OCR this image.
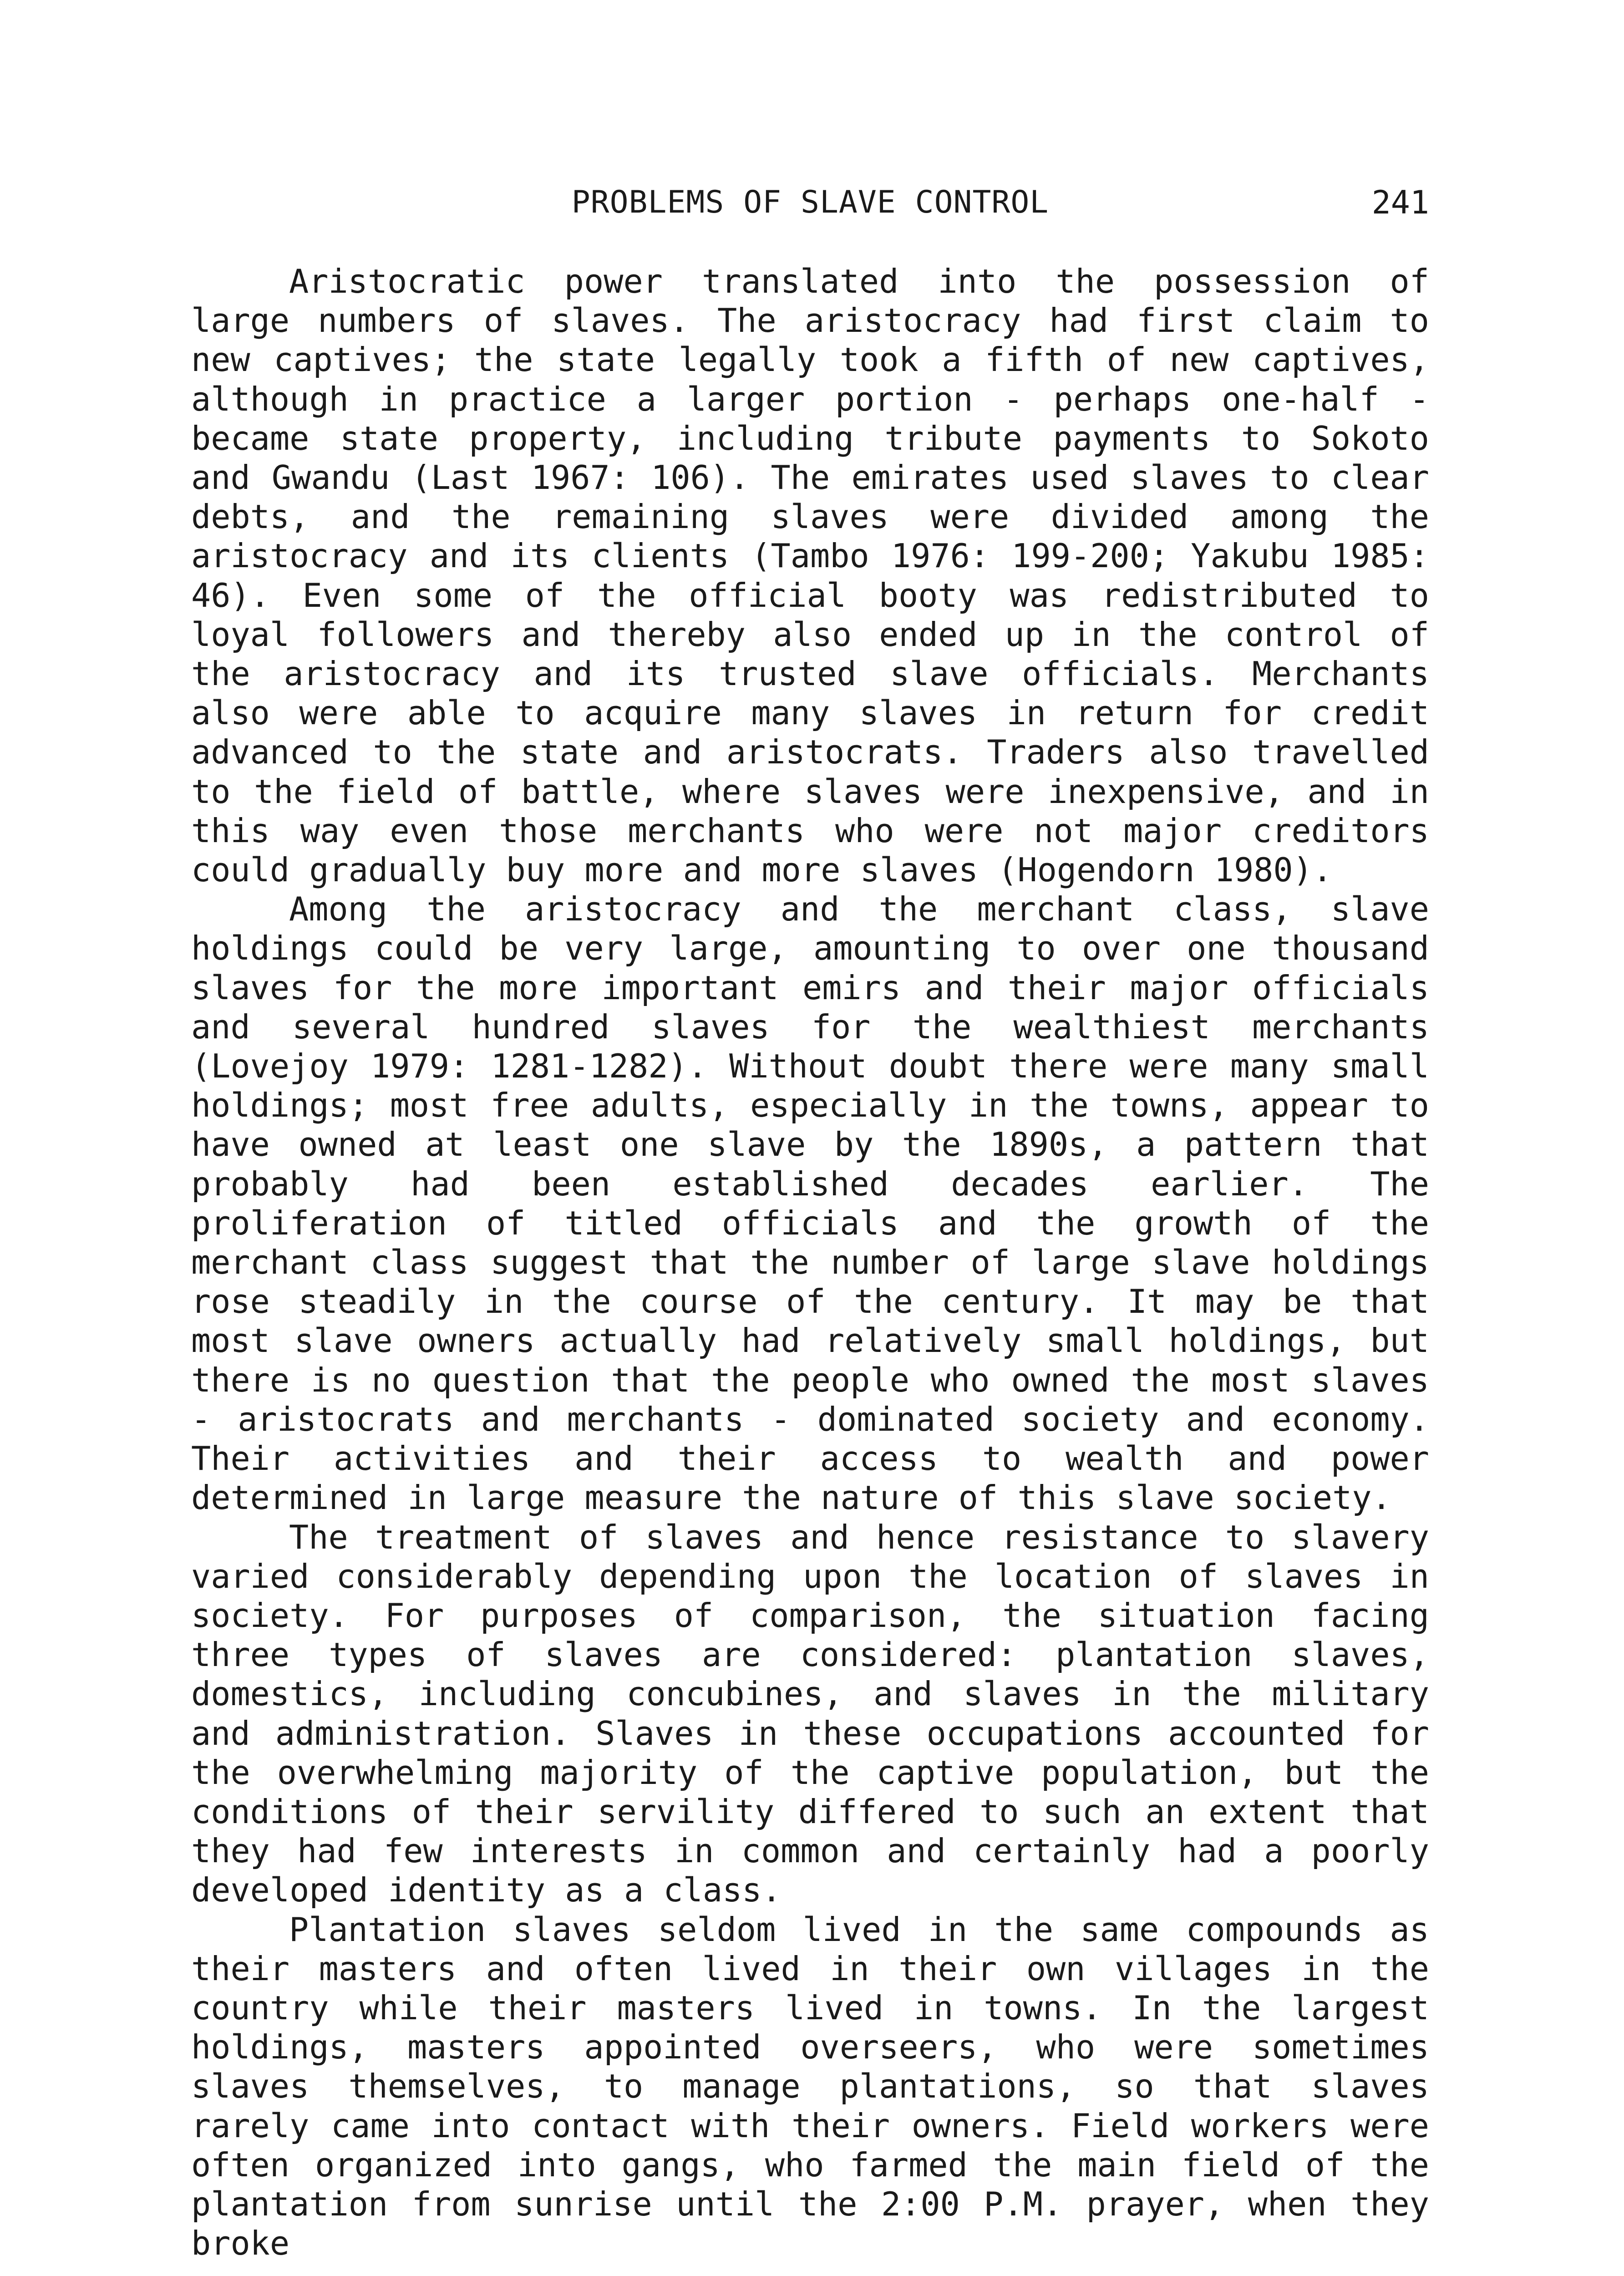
PROBLEMS OF SLAVE CONTROL	241

Aristocratic power translated into the possession of large numbers of slaves. The aristocracy had first claim to new captives; the state legally took a fifth of new captives, although in practice a larger portion - perhaps one-half - became state property, including tribute payments to Sokoto and Gwandu (Last 1967: 106). The emirates used slaves to clear debts, and the remaining slaves were divided among the aristocracy and its clients (Tambo 1976: 199-200; Yakubu 1985: 46). Even some of the official booty was redistributed to loyal followers and thereby also ended up in the control of the aristocracy and its trusted slave officials. Merchants also were able to acquire many slaves in return for credit advanced to the state and aristocrats. Traders also travelled to the field of battle, where slaves were inexpensive, and in this way even those merchants who were not major creditors could gradually buy more and more slaves (Hogendorn 1980).

Among the aristocracy and the merchant class, slave holdings could be very large, amounting to over one thousand slaves for the more important emirs and their major officials and several hundred slaves for the wealthiest merchants (Lovejoy 1979: 1281-1282). Without doubt there were many small holdings; most free adults, especially in the towns, appear to have owned at least one slave by the 1890s, a pattern that probably had been established decades earlier. The proliferation of titled officials and the growth of the merchant class suggest that the number of large slave holdings rose steadily in the course of the century. It may be that most slave owners actually had relatively small holdings, but there is no question that the people who owned the most slaves - aristocrats and merchants - dominated society and economy. Their activities and their access to wealth and power determined in large measure the nature of this slave society.

The treatment of slaves and hence resistance to slavery varied considerably depending upon the location of slaves in society. For purposes of comparison, the situation facing three types of slaves are considered: plantation slaves, domestics, including concubines, and slaves in the military and administration. Slaves in these occupations accounted for the overwhelming majority of the captive population, but the conditions of their servility differed to such an extent that they had few interests in common and certainly had a poorly developed identity as a class.

Plantation slaves seldom lived in the same compounds as their masters and often lived in their own villages in the country while their masters lived in towns. In the largest holdings, masters appointed overseers, who were sometimes slaves themselves, to manage plantations, so that slaves rarely came into contact with their owners. Field workers were often organized into gangs, who farmed the main field of the plantation from sunrise until the 2:00 P.M. prayer, when they broke
